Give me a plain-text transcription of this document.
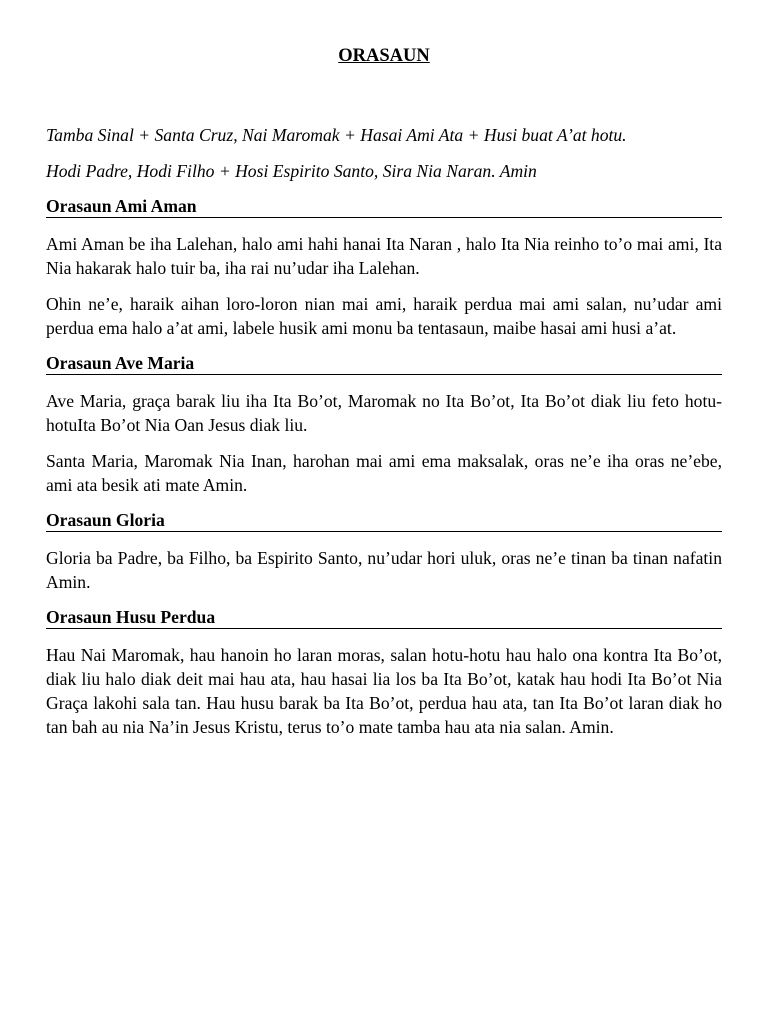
ORASAUN

Tamba Sinal + Santa Cruz, Nai Maromak + Hasai Ami Ata + Husi buat A’at hotu.

Hodi Padre, Hodi Filho + Hosi Espirito Santo, Sira Nia Naran. Amin

Orasaun Ami Aman

Ami Aman be iha Lalehan, halo ami hahi hanai Ita Naran , halo Ita Nia reinho to’o mai ami, Ita Nia hakarak halo tuir ba, iha rai nu’udar iha Lalehan.

Ohin ne’e, haraik aihan loro-loron nian mai ami, haraik perdua mai ami salan, nu’udar ami perdua ema halo a’at ami, labele husik ami monu ba tentasaun, maibe hasai ami husi a’at.

Orasaun Ave Maria

Ave Maria, graça barak liu iha Ita Bo’ot, Maromak no Ita Bo’ot, Ita Bo’ot diak liu feto hotu-hotuIta Bo’ot Nia Oan Jesus diak liu.

Santa Maria, Maromak Nia Inan, harohan mai ami ema maksalak, oras ne’e iha oras ne’ebe, ami ata besik ati mate Amin.

Orasaun Gloria

Gloria ba Padre, ba Filho, ba Espirito Santo, nu’udar hori uluk, oras ne’e tinan ba tinan nafatin Amin.

Orasaun Husu Perdua

Hau Nai Maromak, hau hanoin ho laran moras, salan hotu-hotu hau halo ona kontra Ita Bo’ot, diak liu halo diak deit mai hau ata, hau hasai lia los ba Ita Bo’ot, katak hau hodi Ita Bo’ot Nia Graça lakohi sala tan. Hau husu barak ba Ita Bo’ot, perdua hau ata, tan Ita Bo’ot laran diak ho tan bah au nia Na’in Jesus Kristu, terus to’o mate tamba hau ata nia salan. Amin.
